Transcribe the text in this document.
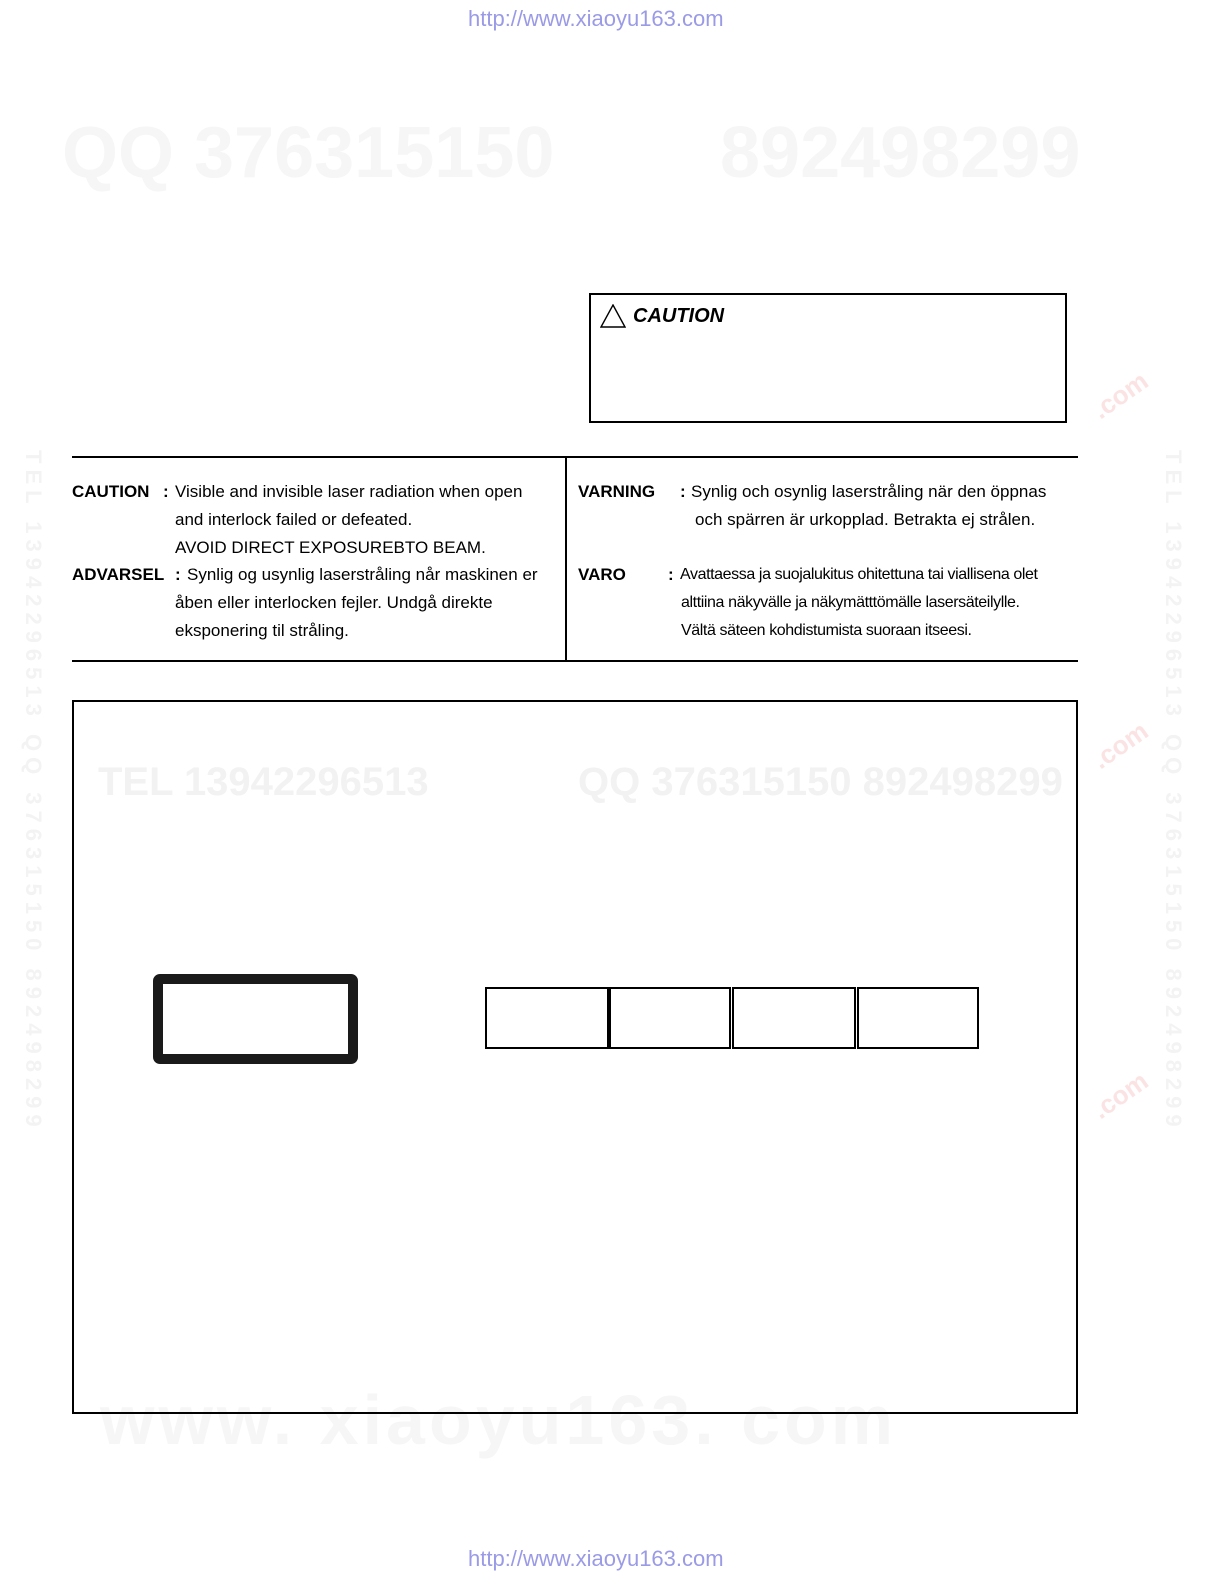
http://www.xiaoyu163.com
QQ 376315150 892498299
TEL 13942296513	QQ 376315150 892498299
www. xiaoyu163. com
TEL 13942296513 QQ 376315150 892498299	TEL 13942296513 QQ 376315150 892498299
.com
.com
.com
CAUTION
CAUTION : Visible and invisible laser radiation when open
and interlock failed or defeated.
AVOID DIRECT EXPOSUREBTO BEAM.
ADVARSEL : Synlig og usynlig laserstråling når maskinen er
åben eller interlocken fejler. Undgå direkte
eksponering til stråling.
VARNING : Synlig och osynlig laserstråling när den öppnas
och spärren är urkopplad. Betrakta ej strålen.
VARO : Avattaessa ja suojalukitus ohitettuna tai viallisena olet
alttiina näkyvälle ja näkymätttömälle lasersäteilylle.
Vältä säteen kohdistumista suoraan itseesi.
http://www.xiaoyu163.com
